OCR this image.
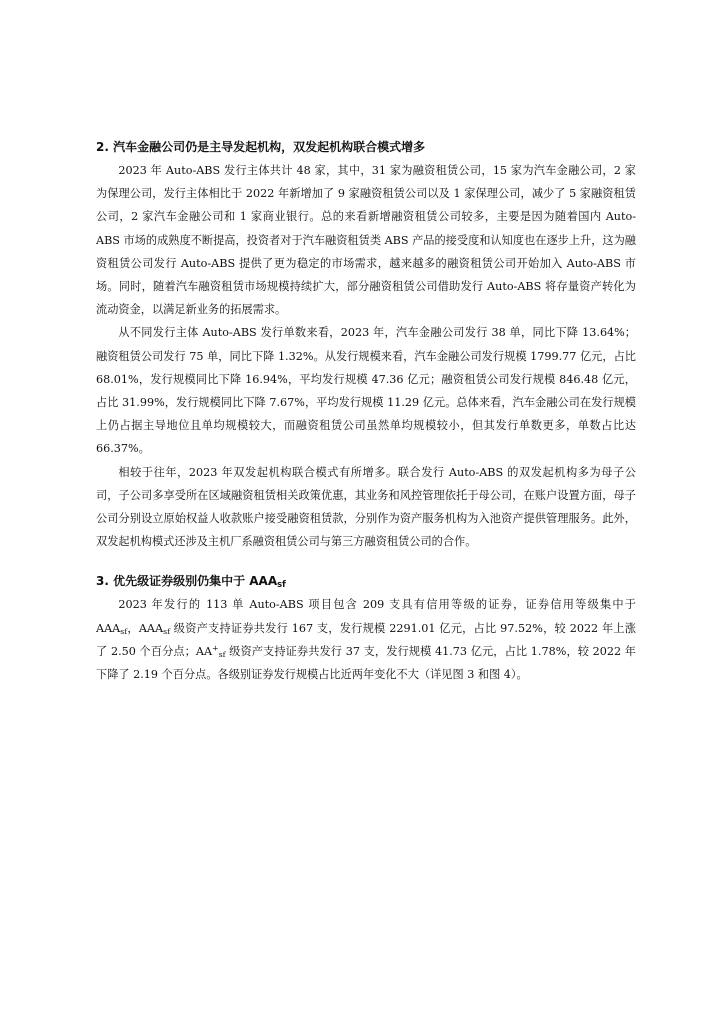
2. 汽车金融公司仍是主导发起机构，双发起机构联合模式增多

2023 年 Auto-ABS 发行主体共计 48 家，其中，31 家为融资租赁公司，15 家为汽车金融公司，2 家为保理公司，发行主体相比于 2022 年新增加了 9 家融资租赁公司以及 1 家保理公司，减少了 5 家融资租赁公司，2 家汽车金融公司和 1 家商业银行。总的来看新增融资租赁公司较多，主要是因为随着国内 Auto-ABS 市场的成熟度不断提高，投资者对于汽车融资租赁类 ABS 产品的接受度和认知度也在逐步上升，这为融资租赁公司发行 Auto-ABS 提供了更为稳定的市场需求，越来越多的融资租赁公司开始加入 Auto-ABS 市场。同时，随着汽车融资租赁市场规模持续扩大，部分融资租赁公司借助发行 Auto-ABS 将存量资产转化为流动资金，以满足新业务的拓展需求。

从不同发行主体 Auto-ABS 发行单数来看，2023 年，汽车金融公司发行 38 单，同比下降 13.64%；融资租赁公司发行 75 单，同比下降 1.32%。从发行规模来看，汽车金融公司发行规模 1799.77 亿元，占比 68.01%，发行规模同比下降 16.94%，平均发行规模 47.36 亿元；融资租赁公司发行规模 846.48 亿元，占比 31.99%，发行规模同比下降 7.67%，平均发行规模 11.29 亿元。总体来看，汽车金融公司在发行规模上仍占据主导地位且单均规模较大，而融资租赁公司虽然单均规模较小，但其发行单数更多，单数占比达 66.37%。

相较于往年，2023 年双发起机构联合模式有所增多。联合发行 Auto-ABS 的双发起机构多为母子公司，子公司多享受所在区域融资租赁相关政策优惠，其业务和风控管理依托于母公司，在账户设置方面，母子公司分别设立原始权益人收款账户接受融资租赁款，分别作为资产服务机构为入池资产提供管理服务。此外，双发起机构模式还涉及主机厂系融资租赁公司与第三方融资租赁公司的合作。

3. 优先级证券级别仍集中于 $AAA_{sf}$

2023 年发行的 113 单 Auto-ABS 项目包含 209 支具有信用等级的证券，证券信用等级集中于 $AAA_{sf}$，$AAA_{sf}$ 级资产支持证券共发行 167 支，发行规模 2291.01 亿元，占比 97.52%，较 2022 年上涨了 2.50 个百分点；$AA^+_{sf}$ 级资产支持证券共发行 37 支，发行规模 41.73 亿元，占比 1.78%，较 2022 年下降了 2.19 个百分点。各级别证券发行规模占比近两年变化不大（详见图 3 和图 4）。
